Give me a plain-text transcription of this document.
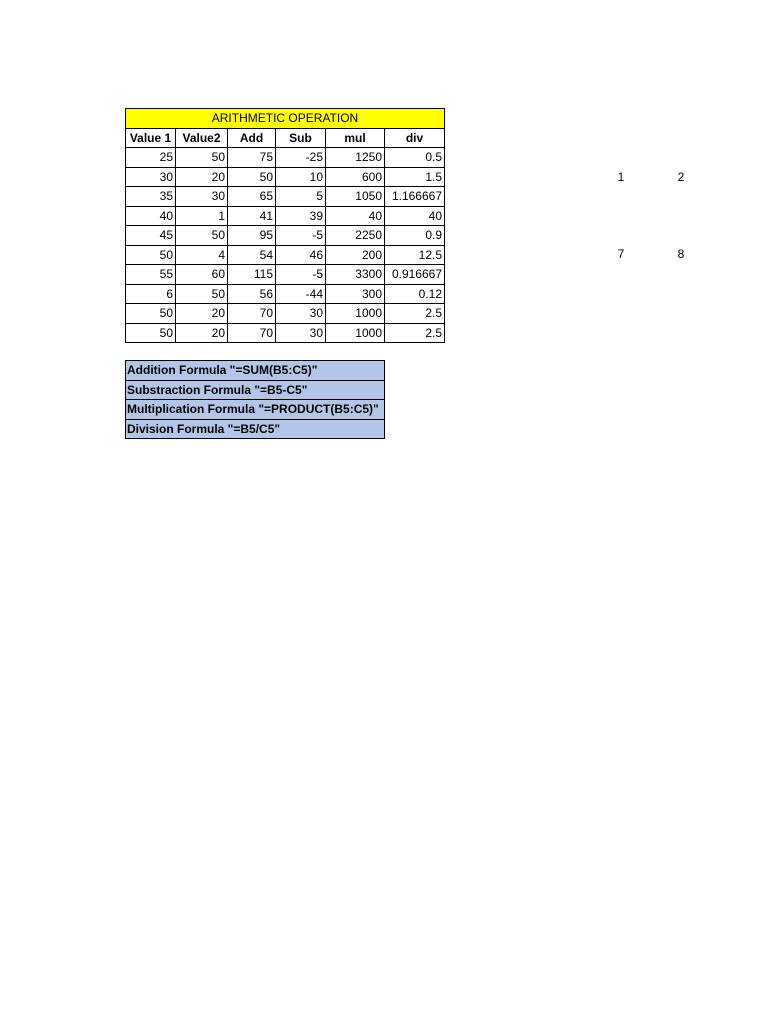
ARITHMETIC OPERATION					
Value 1	Value2	Add	Sub	mul	div
25	50	75	-25	1250	0.5
30	20	50	10	600	1.5
35	30	65	5	1050	1.166667
40	1	41	39	40	40
45	50	95	-5	2250	0.9
50	4	54	46	200	12.5
55	60	115	-5	3300	0.916667
6	50	56	-44	300	0.12
50	20	70	30	1000	2.5
50	20	70	30	1000	2.5
Addition Formula "=SUM(B5:C5)"
Substraction Formula "=B5-C5"
Multiplication Formula "=PRODUCT(B5:C5)"
Division Formula "=B5/C5"
1	2
7	8
